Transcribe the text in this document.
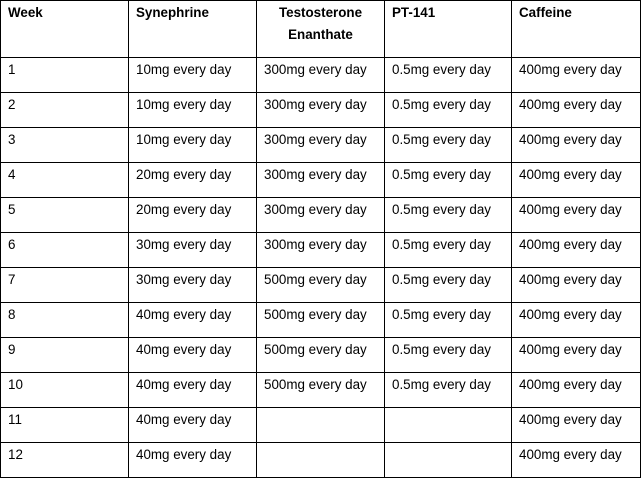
Week	Synephrine	Testosterone Enanthate	PT-141	Caffeine
1	10mg every day	300mg every day	0.5mg every day	400mg every day
2	10mg every day	300mg every day	0.5mg every day	400mg every day
3	10mg every day	300mg every day	0.5mg every day	400mg every day
4	20mg every day	300mg every day	0.5mg every day	400mg every day
5	20mg every day	300mg every day	0.5mg every day	400mg every day
6	30mg every day	300mg every day	0.5mg every day	400mg every day
7	30mg every day	500mg every day	0.5mg every day	400mg every day
8	40mg every day	500mg every day	0.5mg every day	400mg every day
9	40mg every day	500mg every day	0.5mg every day	400mg every day
10	40mg every day	500mg every day	0.5mg every day	400mg every day
11	40mg every day			400mg every day
12	40mg every day			400mg every day
